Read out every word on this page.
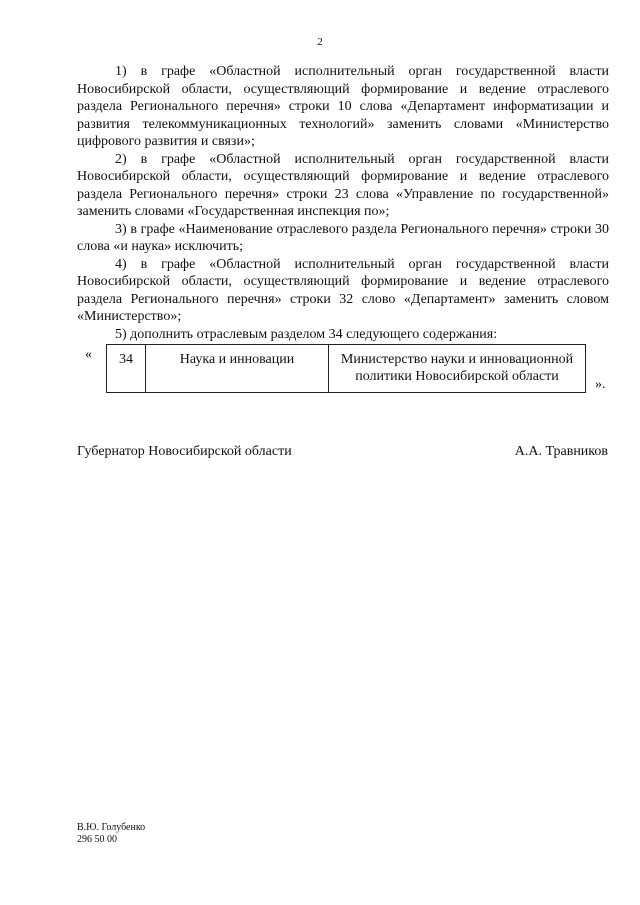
2

1) в графе «Областной исполнительный орган государственной власти Новосибирской области, осуществляющий формирование и ведение отраслевого раздела Регионального перечня» строки 10 слова «Департамент информатизации и развития телекоммуникационных технологий» заменить словами «Министерство цифрового развития и связи»;

2) в графе «Областной исполнительный орган государственной власти Новосибирской области, осуществляющий формирование и ведение отраслевого раздела Регионального перечня» строки 23 слова «Управление по государственной» заменить словами «Государственная инспекция по»;

3) в графе «Наименование отраслевого раздела Регионального перечня» строки 30 слова «и наука» исключить;

4) в графе «Областной исполнительный орган государственной власти Новосибирской области, осуществляющий формирование и ведение отраслевого раздела Регионального перечня» строки 32 слово «Департамент» заменить словом «Министерство»;

5) дополнить отраслевым разделом 34 следующего содержания:

« 34	Наука и инновации	Министерство науки и инновационной политики Новосибирской области
».
Губернатор Новосибирской области	А.А. Травников
В.Ю. Голубенко
296 50 00
